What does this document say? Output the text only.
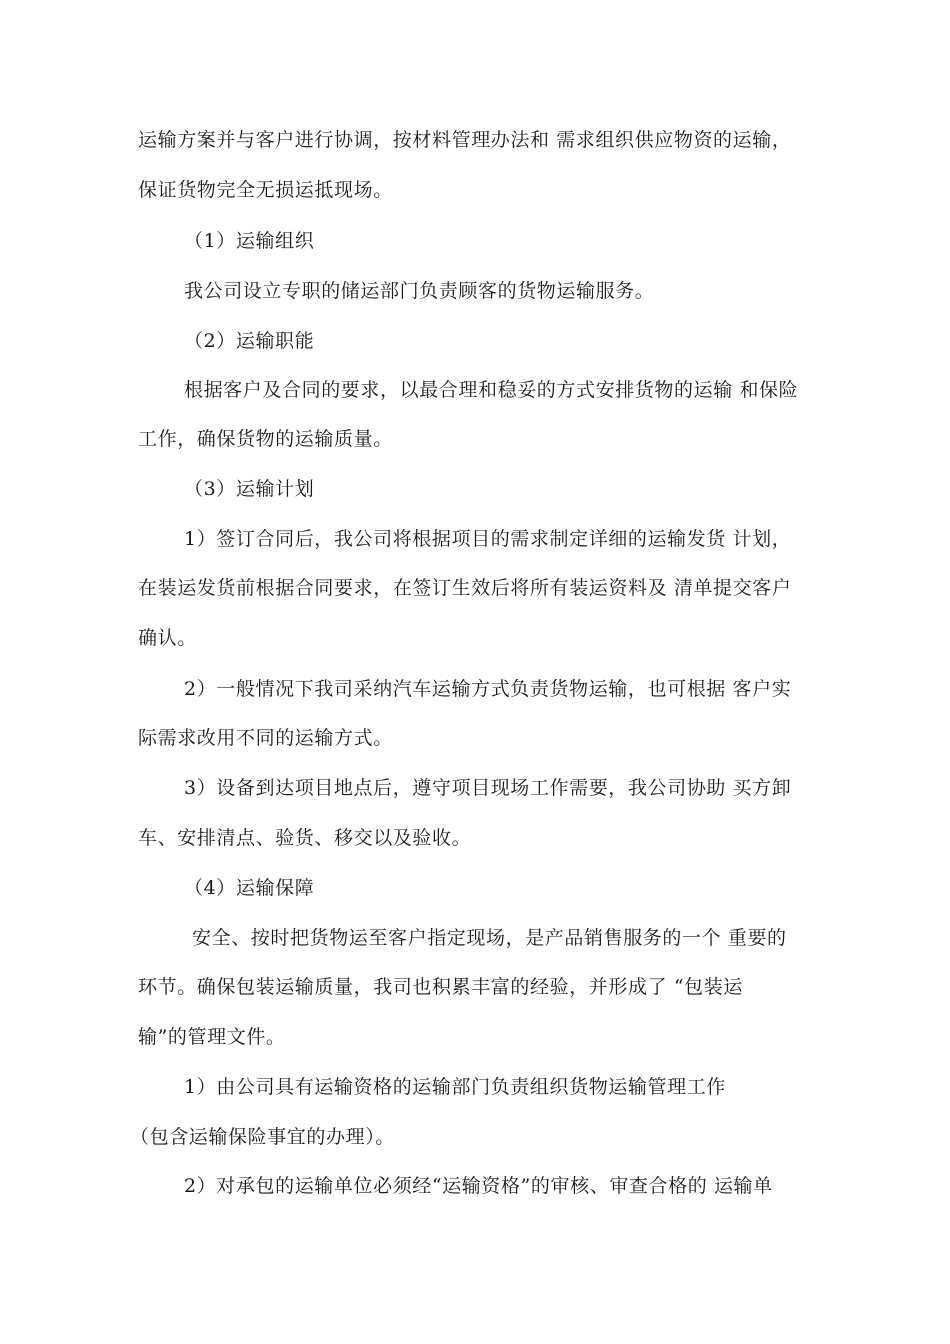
运输方案并与客户进行协调，按材料管理办法和 需求组织供应物资的运输，
保证货物完全无损运抵现场。
（1）运输组织
我公司设立专职的储运部门负责顾客的货物运输服务。
（2）运输职能
根据客户及合同的要求，以最合理和稳妥的方式安排货物的运输 和保险
工作，确保货物的运输质量。
（3）运输计划
1）签订合同后，我公司将根据项目的需求制定详细的运输发货 计划，
在装运发货前根据合同要求，在签订生效后将所有装运资料及 清单提交客户
确认。
2）一般情况下我司采纳汽车运输方式负责货物运输，也可根据 客户实
际需求改用不同的运输方式。
3）设备到达项目地点后，遵守项目现场工作需要，我公司协助 买方卸
车、安排清点、验货、移交以及验收。
（4）运输保障
安全、按时把货物运至客户指定现场，是产品销售服务的一个 重要的
环节。确保包装运输质量，我司也积累丰富的经验，并形成了 “包装运
输”的管理文件。
1）由公司具有运输资格的运输部门负责组织货物运输管理工作
（包含运输保险事宜的办理）。
2）对承包的运输单位必须经“运输资格”的审核、审查合格的 运输单
